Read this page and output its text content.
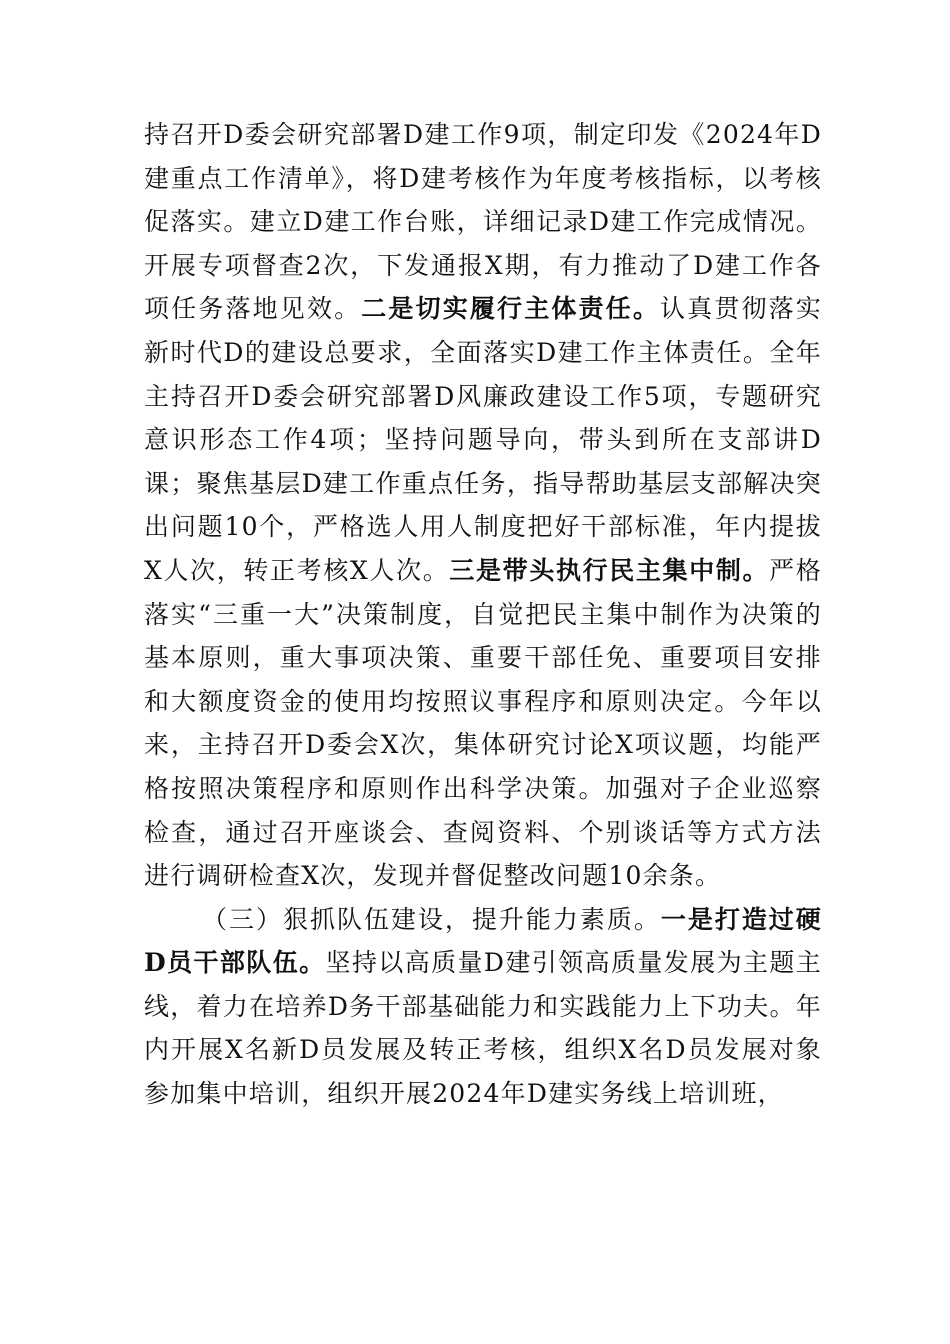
持召开D委会研究部署D建工作9项，制定印发《2024年D建重点工作清单》，将D建考核作为年度考核指标，以考核促落实。建立D建工作台账，详细记录D建工作完成情况。开展专项督查2次，下发通报X期，有力推动了D建工作各项任务落地见效。二是切实履行主体责任。认真贯彻落实新时代D的建设总要求，全面落实D建工作主体责任。全年主持召开D委会研究部署D风廉政建设工作5项，专题研究意识形态工作4项；坚持问题导向，带头到所在支部讲D课；聚焦基层D建工作重点任务，指导帮助基层支部解决突出问题10个，严格选人用人制度把好干部标准，年内提拔X人次，转正考核X人次。三是带头执行民主集中制。严格落实“三重一大”决策制度，自觉把民主集中制作为决策的基本原则，重大事项决策、重要干部任免、重要项目安排和大额度资金的使用均按照议事程序和原则决定。今年以来，主持召开D委会X次，集体研究讨论X项议题，均能严格按照决策程序和原则作出科学决策。加强对子企业巡察检查，通过召开座谈会、查阅资料、个别谈话等方式方法进行调研检查X次，发现并督促整改问题10余条。

（三）狠抓队伍建设，提升能力素质。一是打造过硬D员干部队伍。坚持以高质量D建引领高质量发展为主题主线，着力在培养D务干部基础能力和实践能力上下功夫。年内开展X名新D员发展及转正考核，组织X名D员发展对象参加集中培训，组织开展2024年D建实务线上培训班，
